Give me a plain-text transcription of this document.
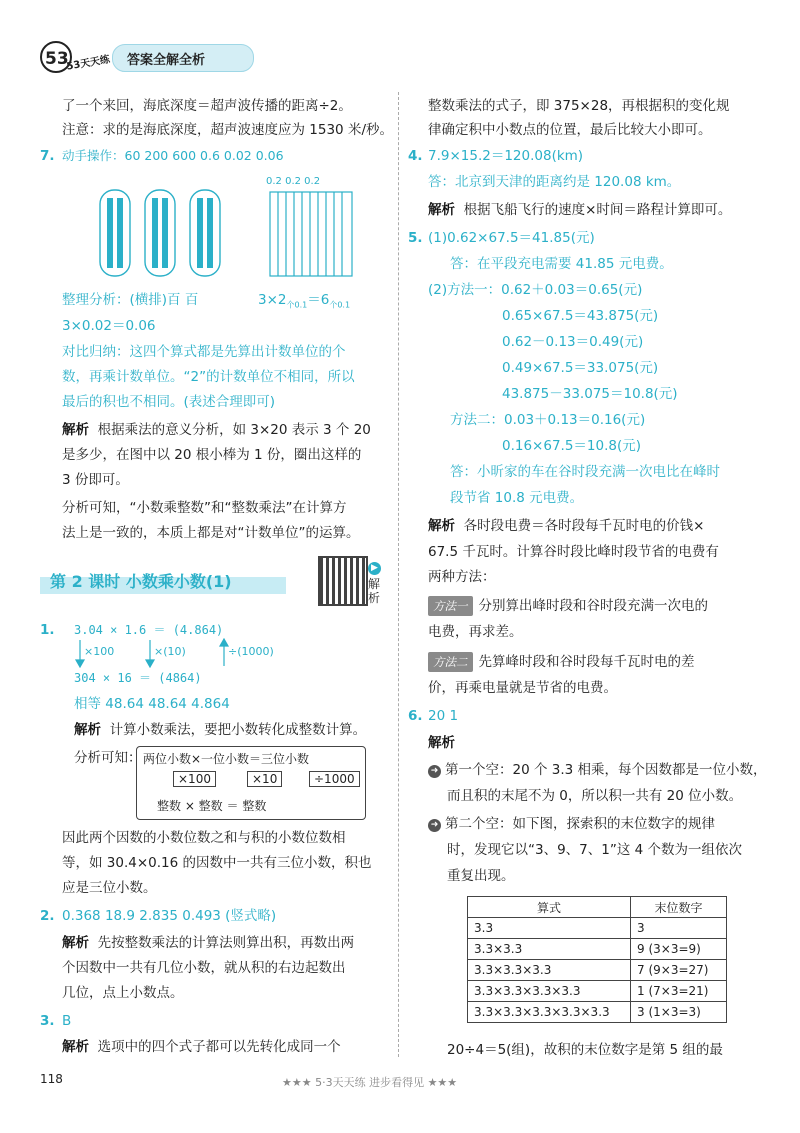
53
53天天练 答案全解全析
了一个来回，海底深度＝超声波传播的距离÷2。
注意：求的是海底深度，超声波速度应为 1530 米/秒。
7. 动手操作：60 200 600 0.6 0.02 0.06
0.2 0.2 0.2
整理分析：(横排)百 百	$3\times 2_{个0.1}=6_{个0.1}$
3×0.02＝0.06
对比归纳：这四个算式都是先算出计数单位的个
数，再乘计数单位。“2”的计数单位不相同，所以
最后的积也不相同。(表述合理即可)
解析 根据乘法的意义分析，如 3×20 表示 3 个 20
是多少，在图中以 20 根小棒为 1 份，圈出这样的
3 份即可。
分析可知，“小数乘整数”和“整数乘法”在计算方
法上是一致的，本质上都是对“计数单位”的运算。
第 2 课时 小数乘小数(1)
▶
解析
1. 3.04 × 1.6 ＝ (4.864)
×100	×(10)	÷(1000)
304 × 16 ＝ (4864)
相等 48.64 48.64 4.864
解析 计算小数乘法，要把小数转化成整数计算。
分析可知： 两位小数×一位小数＝三位小数
×100	×10	÷1000
整数 × 整数 ＝ 整数
因此两个因数的小数位数之和与积的小数位数相
等，如 30.4×0.16 的因数中一共有三位小数，积也
应是三位小数。
2. 0.368 18.9 2.835 0.493 (竖式略)
解析 先按整数乘法的计算法则算出积，再数出两
个因数中一共有几位小数，就从积的右边起数出
几位，点上小数点。
3. B
解析 选项中的四个式子都可以先转化成同一个
整数乘法的式子，即 375×28，再根据积的变化规
律确定积中小数点的位置，最后比较大小即可。
4. 7.9×15.2＝120.08(km)
答：北京到天津的距离约是 120.08 km。
解析 根据飞船飞行的速度×时间＝路程计算即可。
5. (1)0.62×67.5＝41.85(元)
答：在平段充电需要 41.85 元电费。
(2)方法一：0.62＋0.03＝0.65(元)
0.65×67.5＝43.875(元)
0.62－0.13＝0.49(元)
0.49×67.5＝33.075(元)
43.875－33.075＝10.8(元)
方法二：0.03＋0.13＝0.16(元)
0.16×67.5＝10.8(元)
答：小昕家的车在谷时段充满一次电比在峰时
段节省 10.8 元电费。
解析 各时段电费＝各时段每千瓦时电的价钱×
67.5 千瓦时。计算谷时段比峰时段节省的电费有
两种方法：
方法一 分别算出峰时段和谷时段充满一次电的
电费，再求差。
方法二 先算峰时段和谷时段每千瓦时电的差
价，再乘电量就是节省的电费。
6. 20 1
解析
➜ 第一个空：20 个 3.3 相乘，每个因数都是一位小数，
而且积的末尾不为 0，所以积一共有 20 位小数。
➜ 第二个空：如下图，探索积的末位数字的规律
时，发现它以“3、9、7、1”这 4 个数为一组依次
重复出现。
算式	末位数字
3.3	3
3.3×3.3	9 (3×3=9)
3.3×3.3×3.3	7 (9×3=27)
3.3×3.3×3.3×3.3	1 (7×3=21)
3.3×3.3×3.3×3.3×3.3	3 (1×3=3)
20÷4＝5(组)，故积的末位数字是第 5 组的最
118	★★★ 5·3天天练 进步看得见 ★★★
